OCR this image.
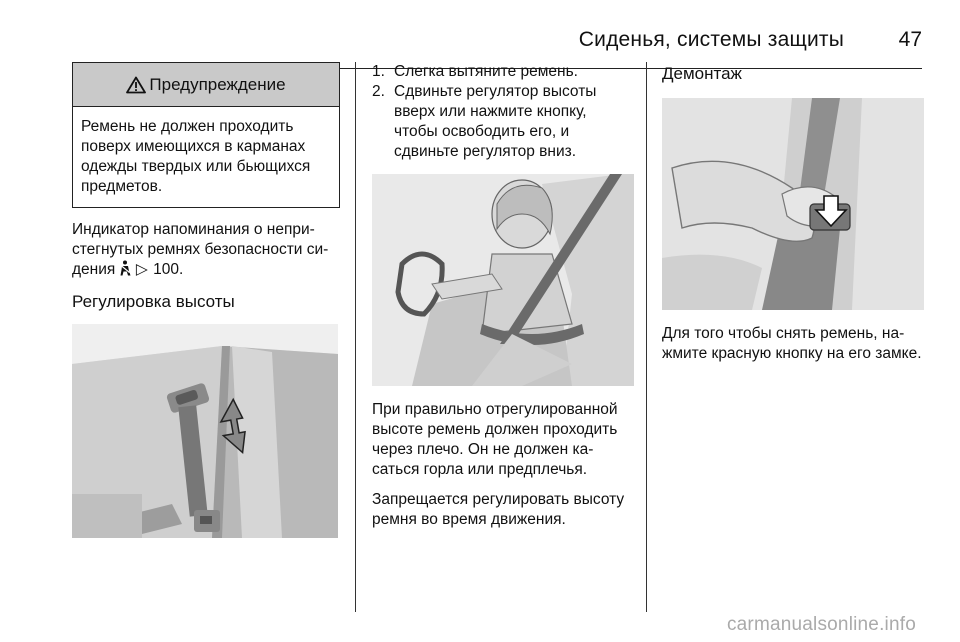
Сиденья, системы защиты	47
Предупреждение
Ремень не должен проходить
поверх имеющихся в карманах
одежды твердых или бьющихся
предметов.
Индикатор напоминания о непри-
стегнутых ремнях безопасности си-
дения ▷ 100.
Регулировка высоты
1. Слегка вытяните ремень.
2. Сдвиньте регулятор высоты
вверх или нажмите кнопку,
чтобы освободить его, и
сдвиньте регулятор вниз.
При правильно отрегулированной
высоте ремень должен проходить
через плечо. Он не должен ка-
саться горла или предплечья.
Запрещается регулировать высоту
ремня во время движения.
Демонтаж
Для того чтобы снять ремень, на-
жмите красную кнопку на его замке.
carmanualsonline.info
